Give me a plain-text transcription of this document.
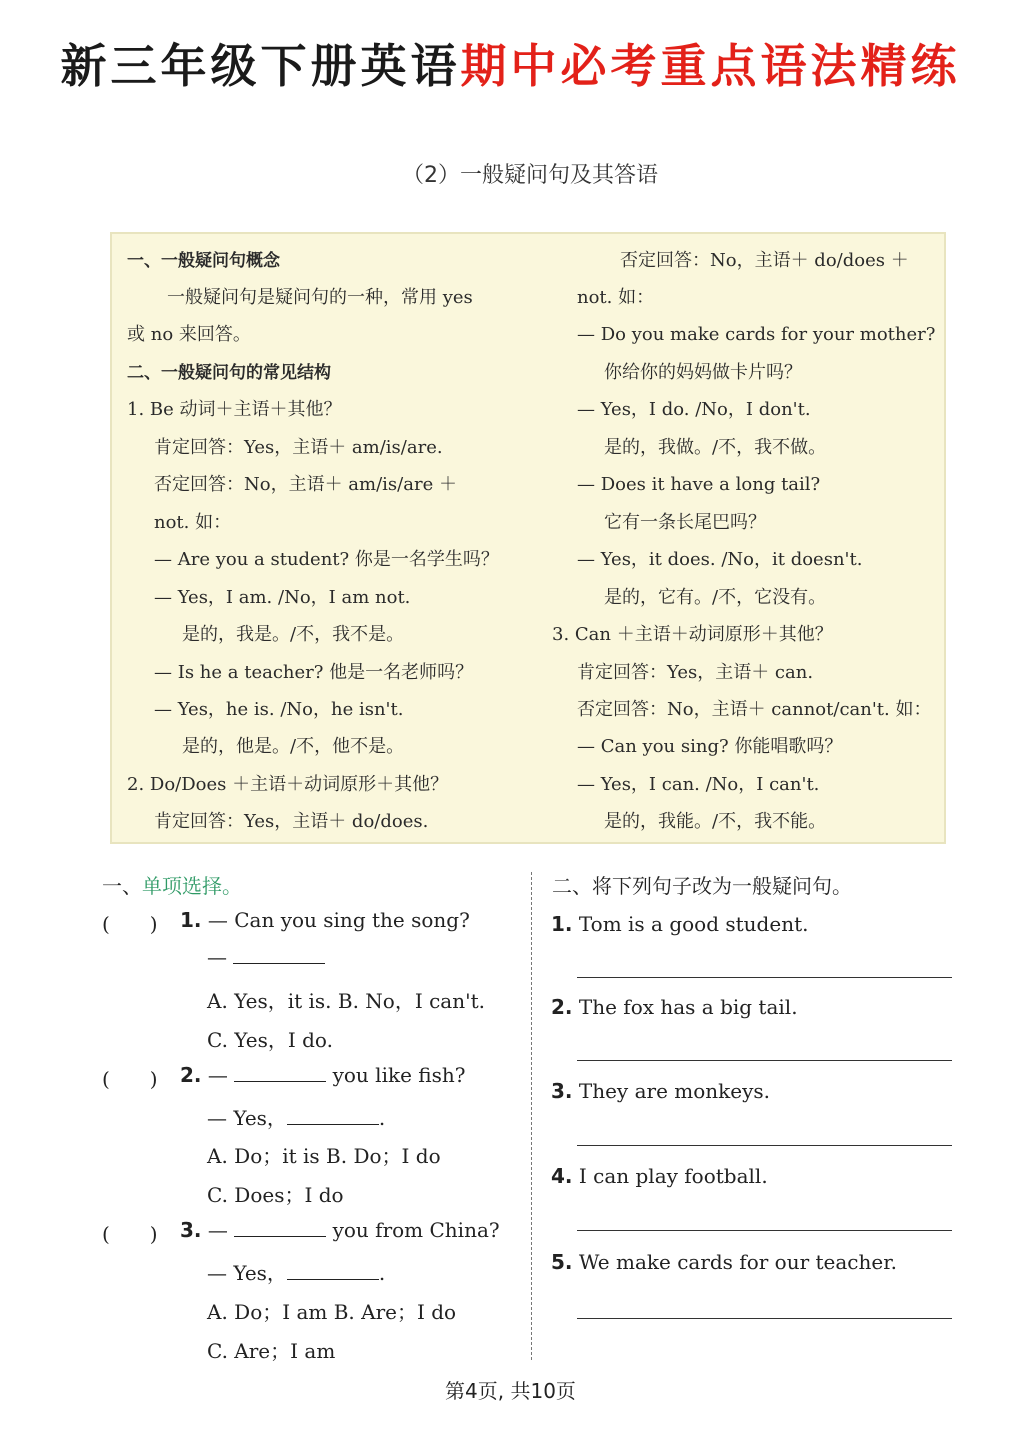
新三年级下册英语期中必考重点语法精练
（2）一般疑问句及其答语
一、一般疑问句概念
一般疑问句是疑问句的一种，常用 yes
或 no 来回答。
二、一般疑问句的常见结构
1. Be 动词＋主语＋其他？
肯定回答：Yes，主语＋ am/is/are.
否定回答：No，主语＋ am/is/are ＋
not. 如：
— Are you a student? 你是一名学生吗？
— Yes，I am. /No，I am not.
是的，我是。/不，我不是。
— Is he a teacher? 他是一名老师吗？
— Yes，he is. /No，he isn't.
是的，他是。/不，他不是。
2. Do/Does ＋主语＋动词原形＋其他？
肯定回答：Yes，主语＋ do/does.
否定回答：No，主语＋ do/does ＋
not. 如：
— Do you make cards for your mother?
你给你的妈妈做卡片吗？
— Yes，I do. /No，I don't.
是的，我做。/不，我不做。
— Does it have a long tail?
它有一条长尾巴吗？
— Yes，it does. /No，it doesn't.
是的，它有。/不，它没有。
3. Can ＋主语＋动词原形＋其他？
肯定回答：Yes，主语＋ can.
否定回答：No，主语＋ cannot/can't. 如：
— Can you sing? 你能唱歌吗？
— Yes，I can. /No，I can't.
是的，我能。/不，我不能。
一、单项选择。
(　　) 1. — Can you sing the song?
—
A. Yes，it is. B. No，I can't.
C. Yes，I do.
(　　) 2. —	you like fish?
— Yes，	.
A. Do；it is B. Do；I do
C. Does；I do
(　　) 3. —	you from China?
— Yes，	.
A. Do；I am B. Are；I do
C. Are；I am
二、将下列句子改为一般疑问句。
1. Tom is a good student.
2. The fox has a big tail.
3. They are monkeys.
4. I can play football.
5. We make cards for our teacher.
第4页, 共10页
